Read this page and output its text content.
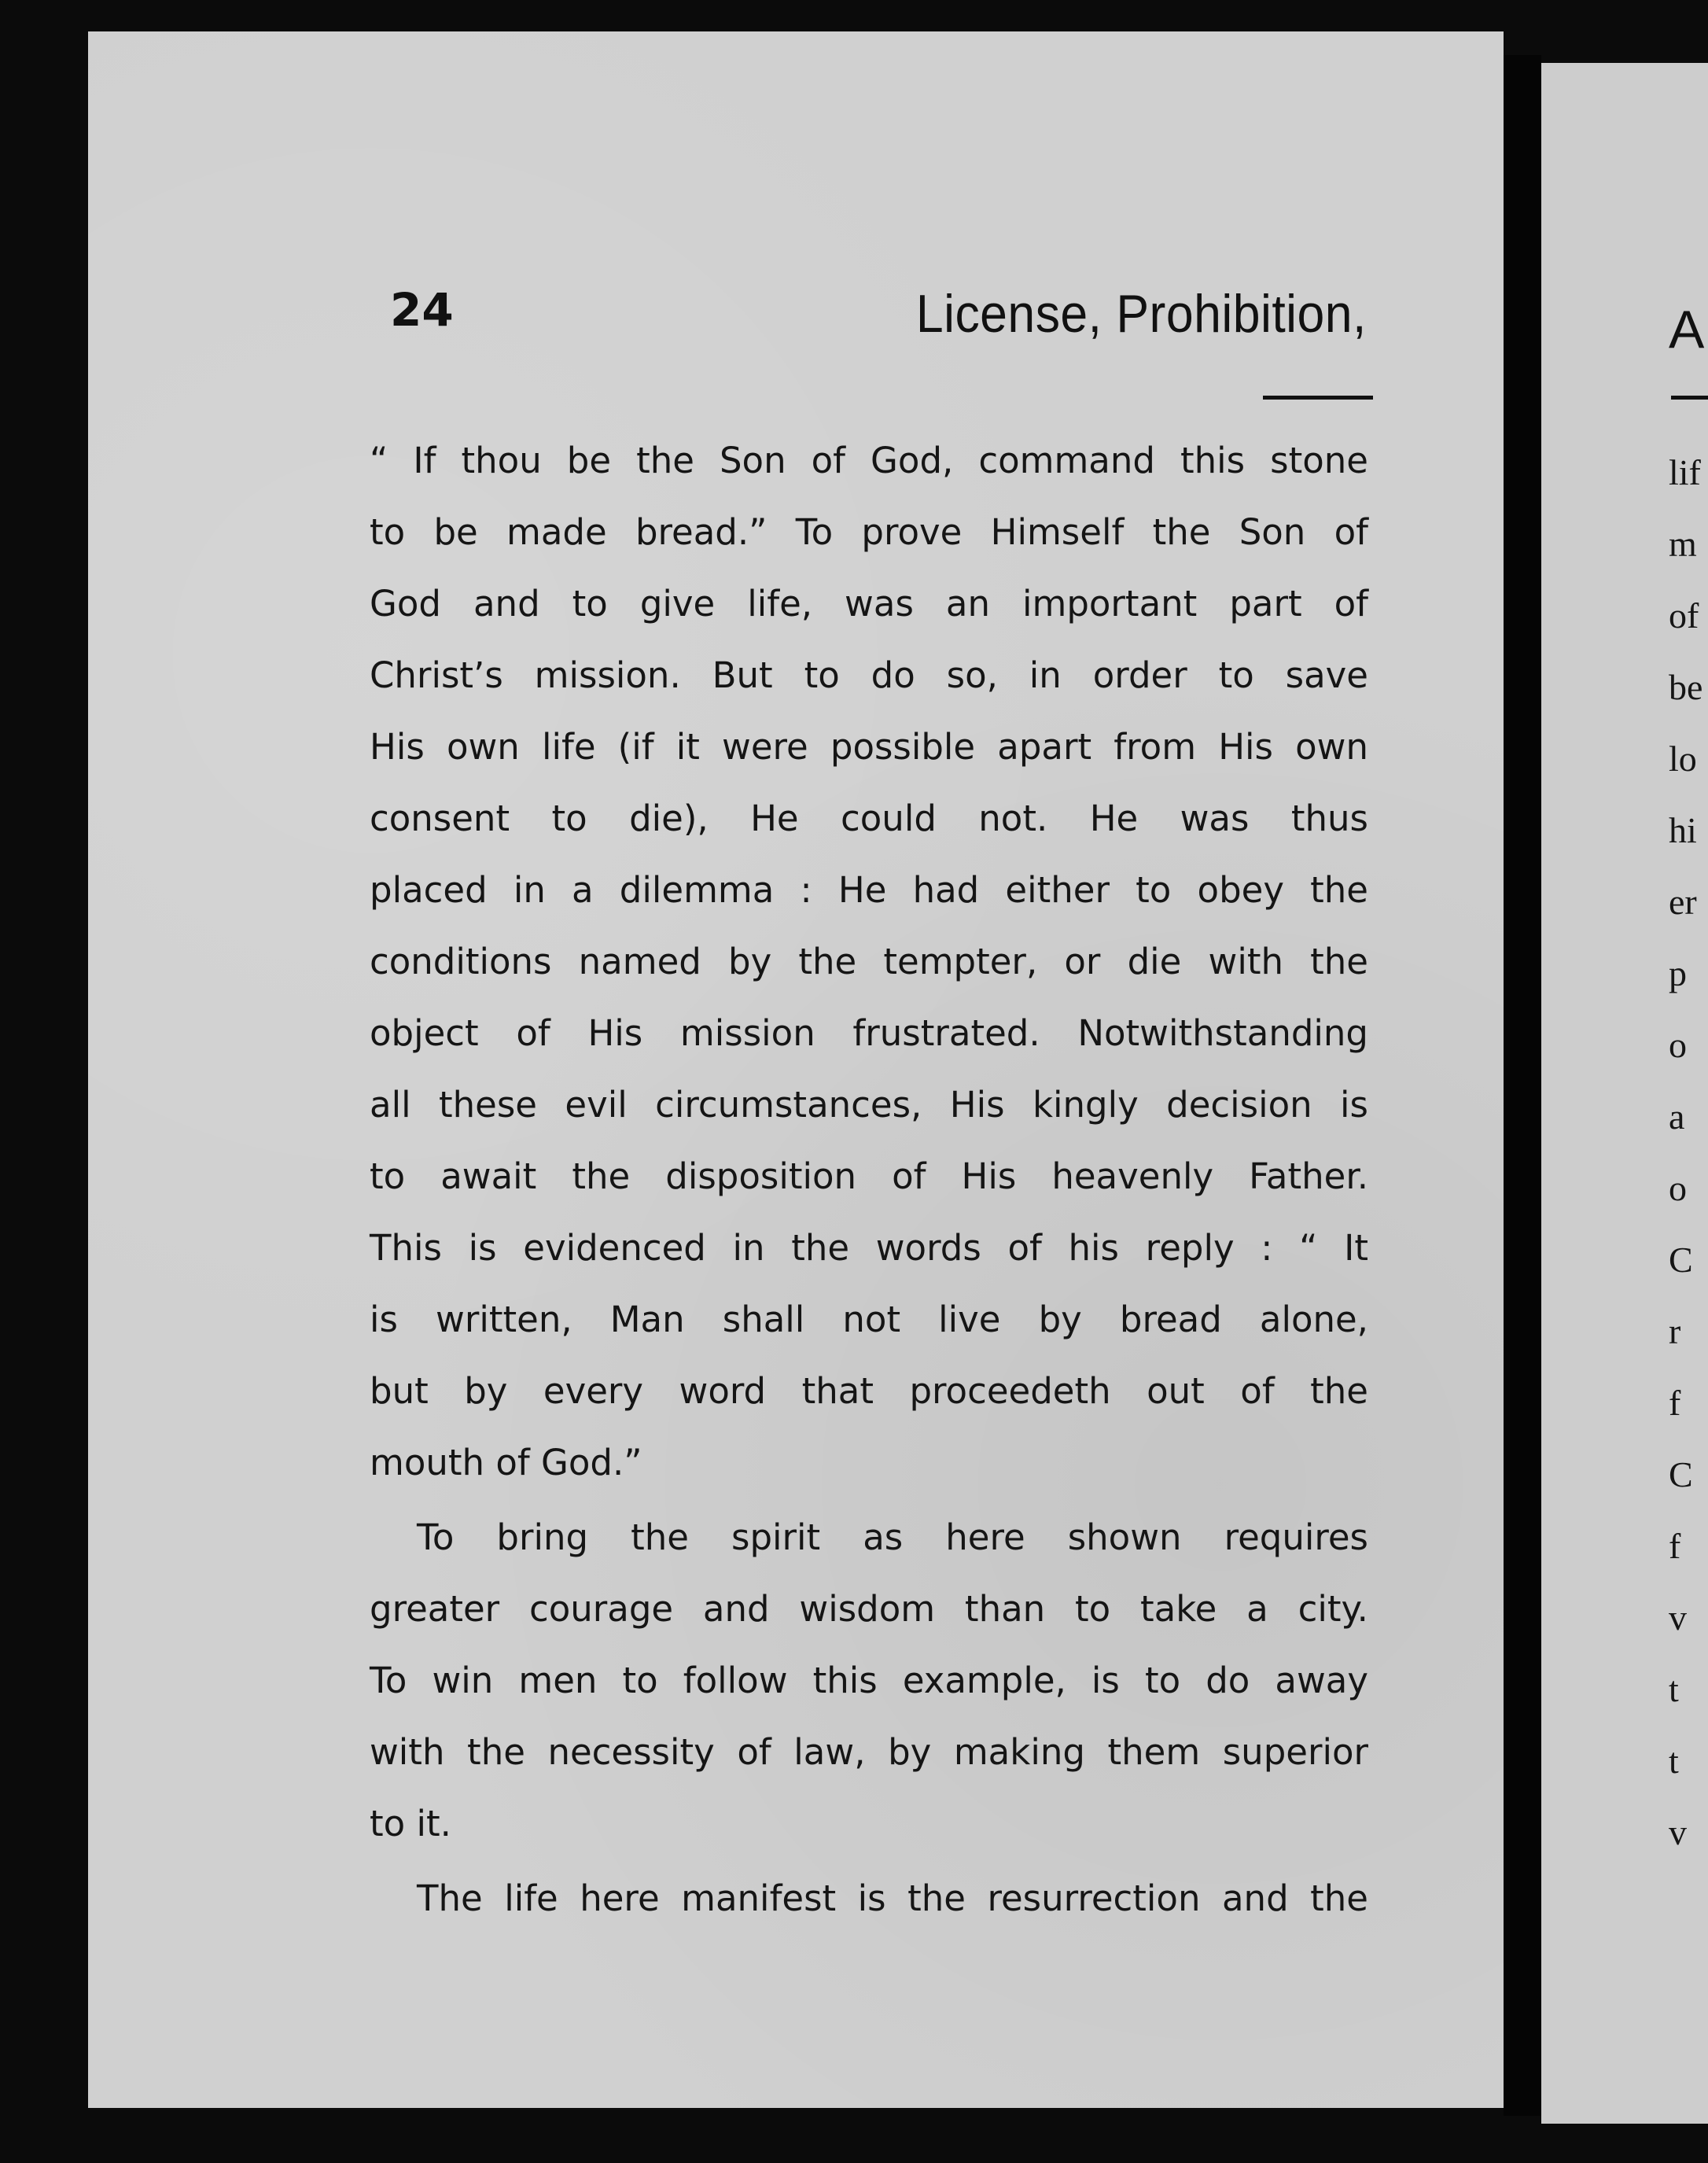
24	License, Prohibition,
“ If thou be the Son of God, command this stone
to be made bread.” To prove Himself the Son of
God and to give life, was an important part of
Christ’s mission. But to do so, in order to save
His own life (if it were possible apart from His own
consent to die), He could not. He was thus
placed in a dilemma : He had either to obey the
conditions named by the tempter, or die with the
object of His mission frustrated. Notwithstanding
all these evil circumstances, His kingly decision is
to await the disposition of His heavenly Father.
This is evidenced in the words of his reply : “ It
is written, Man shall not live by bread alone,
but by every word that proceedeth out of the
mouth of God.”
To bring the spirit as here shown requires
greater courage and wisdom than to take a city.
To win men to follow this example, is to do away
with the necessity of law, by making them superior
to it.
The life here manifest is the resurrection and the
A
lif
m
of
be
lo
hi
er
p
o
a
o
C
r
f
C
f
v
t
t
v
